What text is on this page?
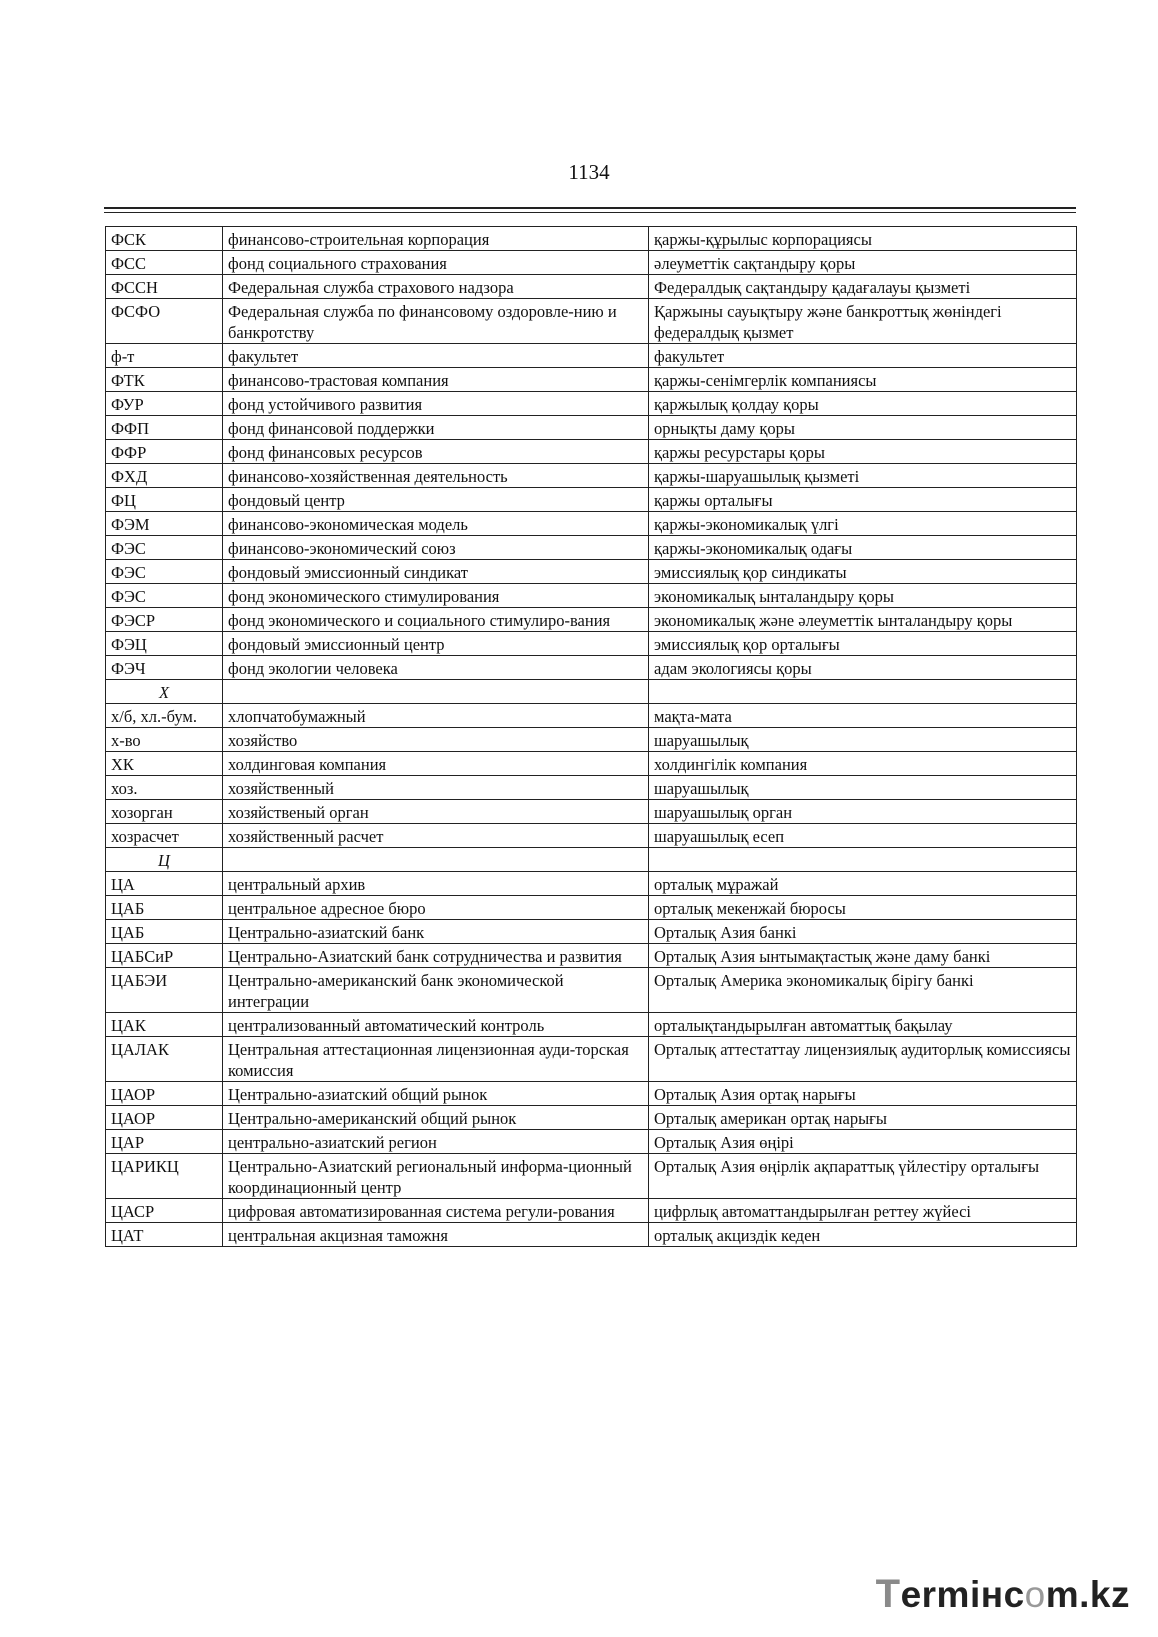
1134
ФСК	финансово-строительная корпорация	қаржы-құрылыс корпорациясы
ФСС	фонд социального страхования	әлеуметтік сақтандыру қоры
ФССН	Федеральная служба страхового надзора	Федералдық сақтандыру қадағалауы қызметі
ФСФО	Федеральная служба по финансовому оздоровле-нию и банкротству	Қаржыны сауықтыру және банкроттық жөніндегі федералдық қызмет
ф-т	факультет	факультет
ФТК	финансово-трастовая компания	қаржы-сенімгерлік компаниясы
ФУР	фонд устойчивого развития	қаржылық қолдау қоры
ФФП	фонд финансовой поддержки	орнықты даму қоры
ФФР	фонд финансовых ресурсов	қаржы ресурстары қоры
ФХД	финансово-хозяйственная деятельность	қаржы-шаруашылық қызметі
ФЦ	фондовый центр	қаржы орталығы
ФЭМ	финансово-экономическая модель	қаржы-экономикалық үлгі
ФЭС	финансово-экономический союз	қаржы-экономикалық одағы
ФЭС	фондовый эмиссионный синдикат	эмиссиялық қор синдикаты
ФЭС	фонд экономического стимулирования	экономикалық ынталандыру қоры
ФЭСР	фонд экономического и социального стимулиро-вания	экономикалық және әлеуметтік ынталандыру қоры
ФЭЦ	фондовый эмиссионный центр	эмиссиялық қор орталығы
ФЭЧ	фонд экологии человека	адам экологиясы қоры
Х		
х/б, хл.-бум.	хлопчатобумажный	мақта-мата
х-во	хозяйство	шаруашылық
ХК	холдинговая компания	холдингілік компания
хоз.	хозяйственный	шаруашылық
хозорган	хозяйственый орган	шаруашылық орган
хозрасчет	хозяйственный расчет	шаруашылық есеп
Ц		
ЦА	центральный архив	орталық мұражай
ЦАБ	центральное адресное бюро	орталық мекенжай бюросы
ЦАБ	Центрально-азиатский банк	Орталық Азия банкі
ЦАБСиР	Центрально-Азиатский банк сотрудничества и развития	Орталық Азия ынтымақтастық және даму банкі
ЦАБЭИ	Центрально-американский банк экономической интеграции	Орталық Америка экономикалық бірігу банкі
ЦАК	централизованный автоматический контроль	орталықтандырылған автоматтық бақылау
ЦАЛАК	Центральная аттестационная лицензионная ауди-торская комиссия	Орталық аттестаттау лицензиялық аудиторлық комиссиясы
ЦАОР	Центрально-азиатский общий рынок	Орталық Азия ортақ нарығы
ЦАОР	Центрально-американский общий рынок	Орталық американ ортақ нарығы
ЦАР	центрально-азиатский регион	Орталық Азия өңірі
ЦАРИКЦ	Центрально-Азиатский региональный информа-ционный координационный центр	Орталық Азия өңірлік ақпараттық үйлестіру орталығы
ЦАСР	цифровая автоматизированная система регули-рования	цифрлық автоматтандырылған реттеу жүйесі
ЦАТ	центральная акцизная таможня	орталық акциздік кеден
Termінcom.kz
